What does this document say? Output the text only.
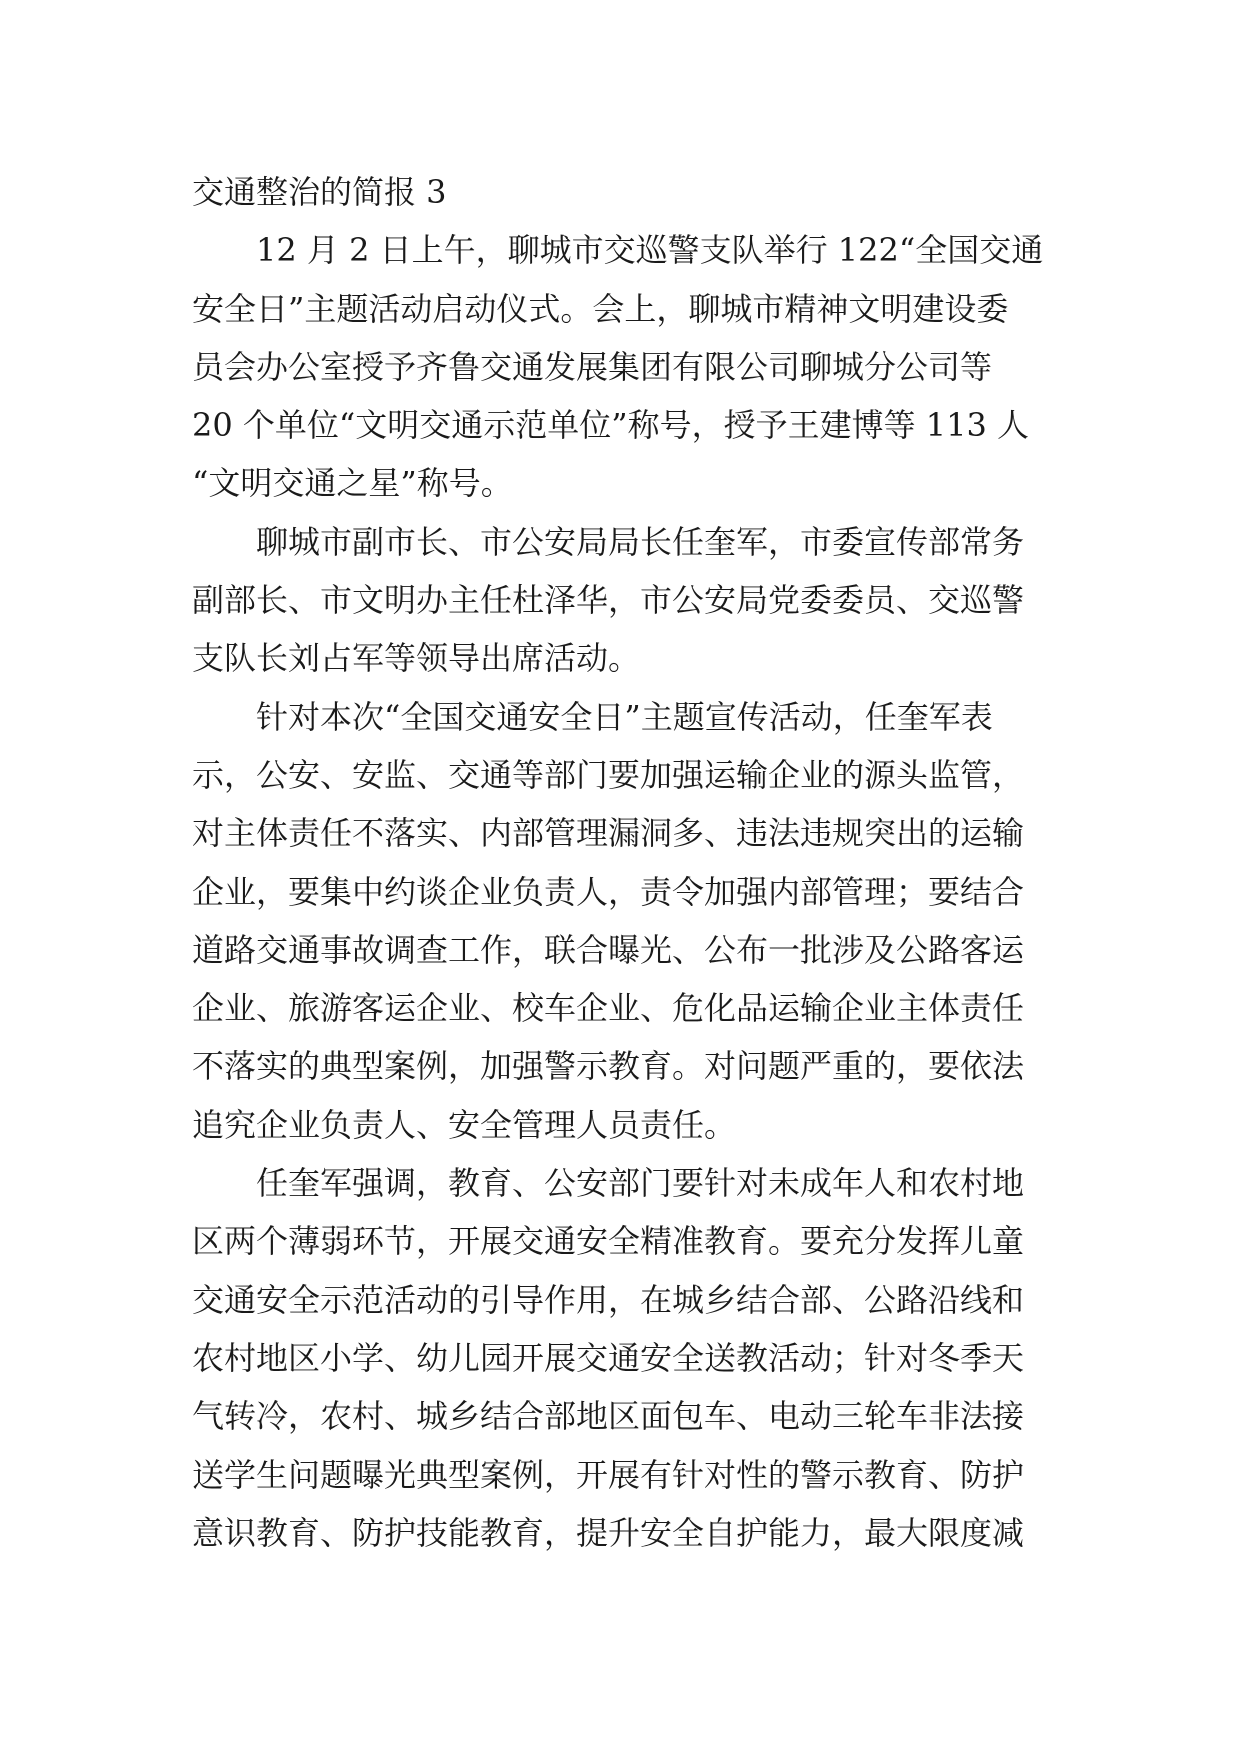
交通整治的简报 3

12 月 2 日上午，聊城市交巡警支队举行 122“全国交通
安全日”主题活动启动仪式。会上，聊城市精神文明建设委
员会办公室授予齐鲁交通发展集团有限公司聊城分公司等
20 个单位“文明交通示范单位”称号，授予王建博等 113 人
“文明交通之星”称号。

聊城市副市长、市公安局局长任奎军，市委宣传部常务
副部长、市文明办主任杜泽华，市公安局党委委员、交巡警
支队长刘占军等领导出席活动。

针对本次“全国交通安全日”主题宣传活动，任奎军表
示，公安、安监、交通等部门要加强运输企业的源头监管，
对主体责任不落实、内部管理漏洞多、违法违规突出的运输
企业，要集中约谈企业负责人，责令加强内部管理；要结合
道路交通事故调查工作，联合曝光、公布一批涉及公路客运
企业、旅游客运企业、校车企业、危化品运输企业主体责任
不落实的典型案例，加强警示教育。对问题严重的，要依法
追究企业负责人、安全管理人员责任。

任奎军强调，教育、公安部门要针对未成年人和农村地
区两个薄弱环节，开展交通安全精准教育。要充分发挥儿童
交通安全示范活动的引导作用，在城乡结合部、公路沿线和
农村地区小学、幼儿园开展交通安全送教活动；针对冬季天
气转冷，农村、城乡结合部地区面包车、电动三轮车非法接
送学生问题曝光典型案例，开展有针对性的警示教育、防护
意识教育、防护技能教育，提升安全自护能力，最大限度减
